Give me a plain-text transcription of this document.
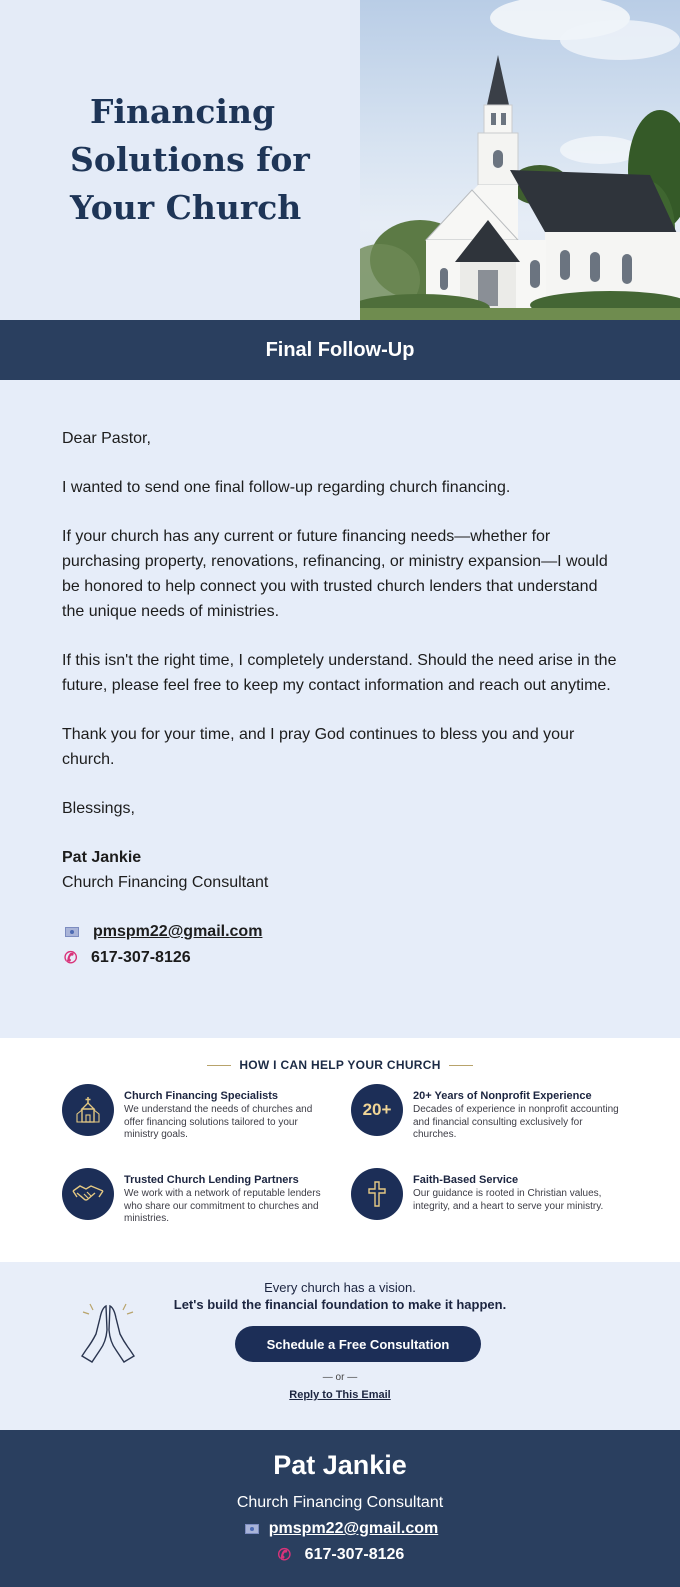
Financing
Solutions for
Your Church
Final Follow-Up

Dear Pastor,

I wanted to send one final follow-up regarding church financing.

If your church has any current or future financing needs—whether for purchasing property, renovations, refinancing, or ministry expansion—I would be honored to help connect you with trusted church lenders that understand the unique needs of ministries.

If this isn't the right time, I completely understand. Should the need arise in the future, please feel free to keep my contact information and reach out anytime.

Thank you for your time, and I pray God continues to bless you and your church.

Blessings,

Pat Jankie
Church Financing Consultant

pmspm22@gmail.com
✆ 617-307-8126
HOW I CAN HELP YOUR CHURCH
Church Financing Specialists
We understand the needs of churches and offer financing solutions tailored to your ministry goals.
20+
20+ Years of Nonprofit Experience
Decades of experience in nonprofit accounting and financial consulting exclusively for churches.
Trusted Church Lending Partners
We work with a network of reputable lenders who share our commitment to churches and ministries.
Faith-Based Service
Our guidance is rooted in Christian values, integrity, and a heart to serve your ministry.
Every church has a vision.
Let's build the financial foundation to make it happen.
Schedule a Free Consultation
— or —
Reply to This Email
Pat Jankie
Church Financing Consultant
pmspm22@gmail.com
✆ 617-307-8126
